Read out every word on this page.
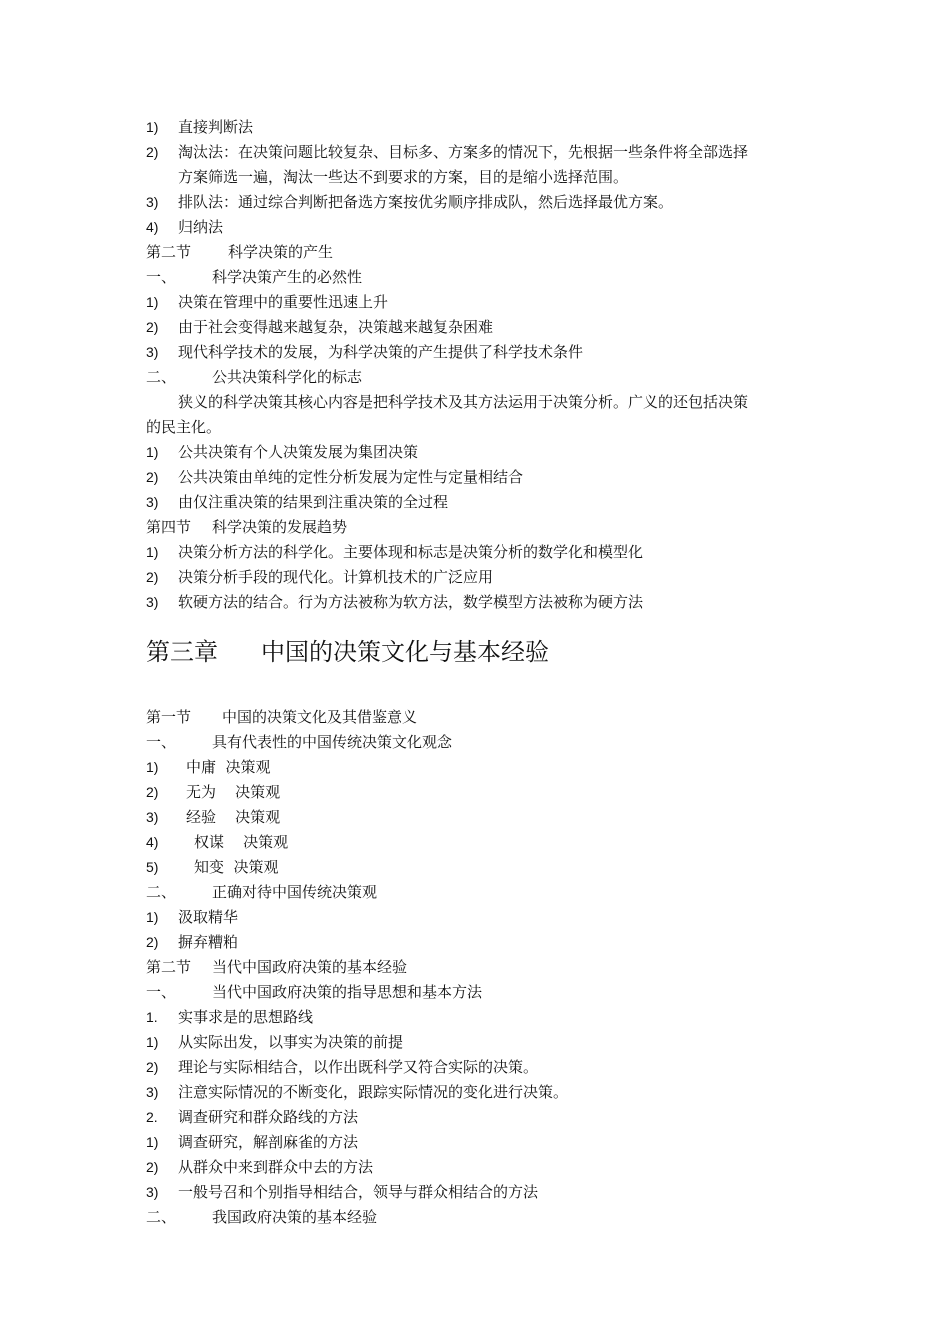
1) 直接判断法
2) 淘汰法：在决策问题比较复杂、目标多、方案多的情况下，先根据一些条件将全部选择
方案筛选一遍，淘汰一些达不到要求的方案，目的是缩小选择范围。
3) 排队法：通过综合判断把备选方案按优劣顺序排成队，然后选择最优方案。
4) 归纳法
第二节 科学决策的产生
一、 科学决策产生的必然性
1) 决策在管理中的重要性迅速上升
2) 由于社会变得越来越复杂，决策越来越复杂困难
3) 现代科学技术的发展，为科学决策的产生提供了科学技术条件
二、 公共决策科学化的标志
狭义的科学决策其核心内容是把科学技术及其方法运用于决策分析。广义的还包括决策
的民主化。
1) 公共决策有个人决策发展为集团决策
2) 公共决策由单纯的定性分析发展为定性与定量相结合
3) 由仅注重决策的结果到注重决策的全过程
第四节 科学决策的发展趋势
1) 决策分析方法的科学化。主要体现和标志是决策分析的数学化和模型化
2) 决策分析手段的现代化。计算机技术的广泛应用
3) 软硬方法的结合。行为方法被称为软方法，数学模型方法被称为硬方法
第三章 中国的决策文化与基本经验
第一节 中国的决策文化及其借鉴意义
一、 具有代表性的中国传统决策文化观念
1) 中庸  决策观
2) 无为    决策观
3) 经验    决策观
4) 权谋    决策观
5) 知变  决策观
二、 正确对待中国传统决策观
1) 汲取精华
2) 摒弃糟粕
第二节 当代中国政府决策的基本经验
一、 当代中国政府决策的指导思想和基本方法
1. 实事求是的思想路线
1) 从实际出发，以事实为决策的前提
2) 理论与实际相结合，以作出既科学又符合实际的决策。
3) 注意实际情况的不断变化，跟踪实际情况的变化进行决策。
2. 调查研究和群众路线的方法
1) 调查研究，解剖麻雀的方法
2) 从群众中来到群众中去的方法
3) 一般号召和个别指导相结合，领导与群众相结合的方法
二、 我国政府决策的基本经验
